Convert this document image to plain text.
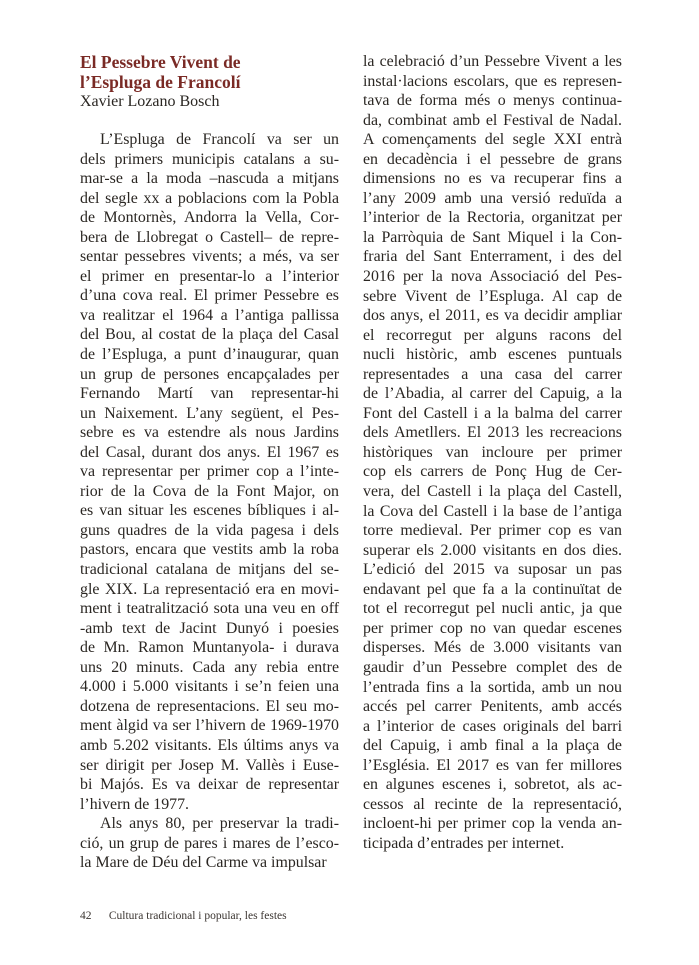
El Pessebre Vivent de
l’Espluga de Francolí

Xavier Lozano Bosch

L’Espluga de Francolí va ser un
dels primers municipis catalans a su-
mar-se a la moda –nascuda a mitjans
del segle xx a poblacions com la Pobla
de Montornès, Andorra la Vella, Cor-
bera de Llobregat o Castell– de repre-
sentar pessebres vivents; a més, va ser
el primer en presentar-lo a l’interior
d’una cova real. El primer Pessebre es
va realitzar el 1964 a l’antiga pallissa
del Bou, al costat de la plaça del Casal
de l’Espluga, a punt d’inaugurar, quan
un grup de persones encapçalades per
Fernando Martí van representar-hi
un Naixement. L’any següent, el Pes-
sebre es va estendre als nous Jardins
del Casal, durant dos anys. El 1967 es
va representar per primer cop a l’inte-
rior de la Cova de la Font Major, on
es van situar les escenes bíbliques i al-
guns quadres de la vida pagesa i dels
pastors, encara que vestits amb la roba
tradicional catalana de mitjans del se-
gle XIX. La representació era en movi-
ment i teatralització sota una veu en off
-amb text de Jacint Dunyó i poesies
de Mn. Ramon Muntanyola- i durava
uns 20 minuts. Cada any rebia entre
4.000 i 5.000 visitants i se’n feien una
dotzena de representacions. El seu mo-
ment àlgid va ser l’hivern de 1969-1970
amb 5.202 visitants. Els últims anys va
ser dirigit per Josep M. Vallès i Euse-
bi Majós. Es va deixar de representar
l’hivern de 1977.
Als anys 80, per preservar la tradi-
ció, un grup de pares i mares de l’esco-
la Mare de Déu del Carme va impulsar
la celebració d’un Pessebre Vivent a les
instal·lacions escolars, que es represen-
tava de forma més o menys continua-
da, combinat amb el Festival de Nadal.
A començaments del segle XXI entrà
en decadència i el pessebre de grans
dimensions no es va recuperar fins a
l’any 2009 amb una versió reduïda a
l’interior de la Rectoria, organitzat per
la Parròquia de Sant Miquel i la Con-
fraria del Sant Enterrament, i des del
2016 per la nova Associació del Pes-
sebre Vivent de l’Espluga. Al cap de
dos anys, el 2011, es va decidir ampliar
el recorregut per alguns racons del
nucli històric, amb escenes puntuals
representades a una casa del carrer
de l’Abadia, al carrer del Capuig, a la
Font del Castell i a la balma del carrer
dels Ametllers. El 2013 les recreacions
històriques van incloure per primer
cop els carrers de Ponç Hug de Cer-
vera, del Castell i la plaça del Castell,
la Cova del Castell i la base de l’antiga
torre medieval. Per primer cop es van
superar els 2.000 visitants en dos dies.
L’edició del 2015 va suposar un pas
endavant pel que fa a la continuïtat de
tot el recorregut pel nucli antic, ja que
per primer cop no van quedar escenes
disperses. Més de 3.000 visitants van
gaudir d’un Pessebre complet des de
l’entrada fins a la sortida, amb un nou
accés pel carrer Penitents, amb accés
a l’interior de cases originals del barri
del Capuig, i amb final a la plaça de
l’Església. El 2017 es van fer millores
en algunes escenes i, sobretot, als ac-
cessos al recinte de la representació,
incloent-hi per primer cop la venda an-
ticipada d’entrades per internet.
42 Cultura tradicional i popular, les festes
